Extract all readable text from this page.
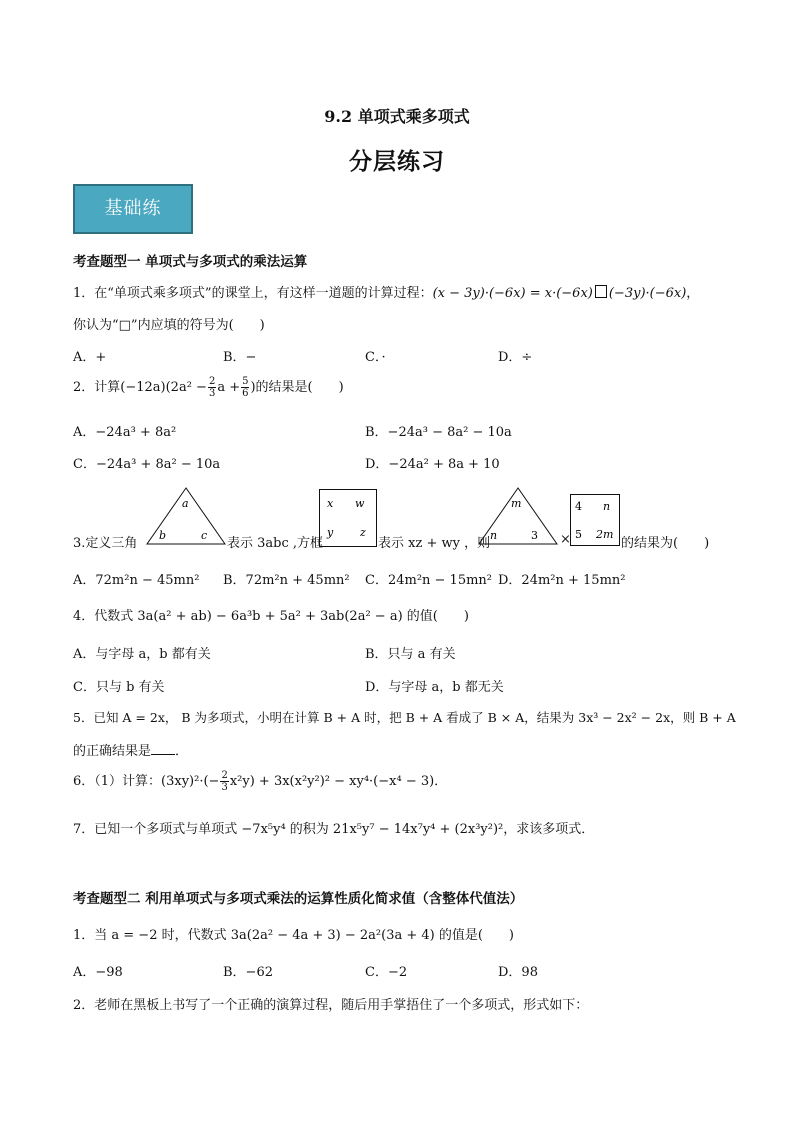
9.2 单项式乘多项式
分层练习
基础练
考查题型一 单项式与多项式的乘法运算
1．在“单项式乘多项式”的课堂上，有这样一道题的计算过程：(x − 3y)·(−6x) = x·(−6x) (−3y)·(−6x)，
你认为“□”内应填的符号为(　　)
A．+	B．−	C．·	D．÷
2．计算$(-12a)(2a^2 - \frac{2}{3}$ $a + \frac{5}{6}$ )的结果是(　　)
A．−24a³ + 8a²	B．−24a³ − 8a² − 10a
C．−24a³ + 8a² − 10a	D．−24a² + 8a + 10
3.定义三角
a
b	c
表示 3abc ,方框
x w
y z
表示 xz + wy ，则
m
n	3 ×
4 n
5 2m
的结果为(　　)
A．72m²n − 45mn² B．72m²n + 45mn² C．24m²n − 15mn² D．24m²n + 15mn²
4．代数式 3a(a² + ab) − 6a³b + 5a² + 3ab(2a² − a) 的值(　　)
A．与字母 a，b 都有关	B．只与 a 有关
C．只与 b 有关	D．与字母 a，b 都无关
5．已知 A = 2x， B 为多项式，小明在计算 B + A 时，把 B + A 看成了 B × A，结果为 3x³ − 2x² − 2x，则 B + A
的正确结果是 ．
6．（1）计算：$(3xy)^2\cdot(- \frac{2}{3} x^2y) + 3x(x^2y^2)^2 - xy^4\cdot(-x^4 - 3)$．
7．已知一个多项式与单项式 −7x⁵y⁴ 的积为 21x⁵y⁷ − 14x⁷y⁴ + (2x³y²)²，求该多项式．
考查题型二 利用单项式与多项式乘法的运算性质化简求值（含整体代值法）
1．当 a = −2 时，代数式 3a(2a² − 4a + 3) − 2a²(3a + 4) 的值是(　　)
A．−98	B．−62	C．−2	D．98
2．老师在黑板上书写了一个正确的演算过程，随后用手掌捂住了一个多项式，形式如下：
